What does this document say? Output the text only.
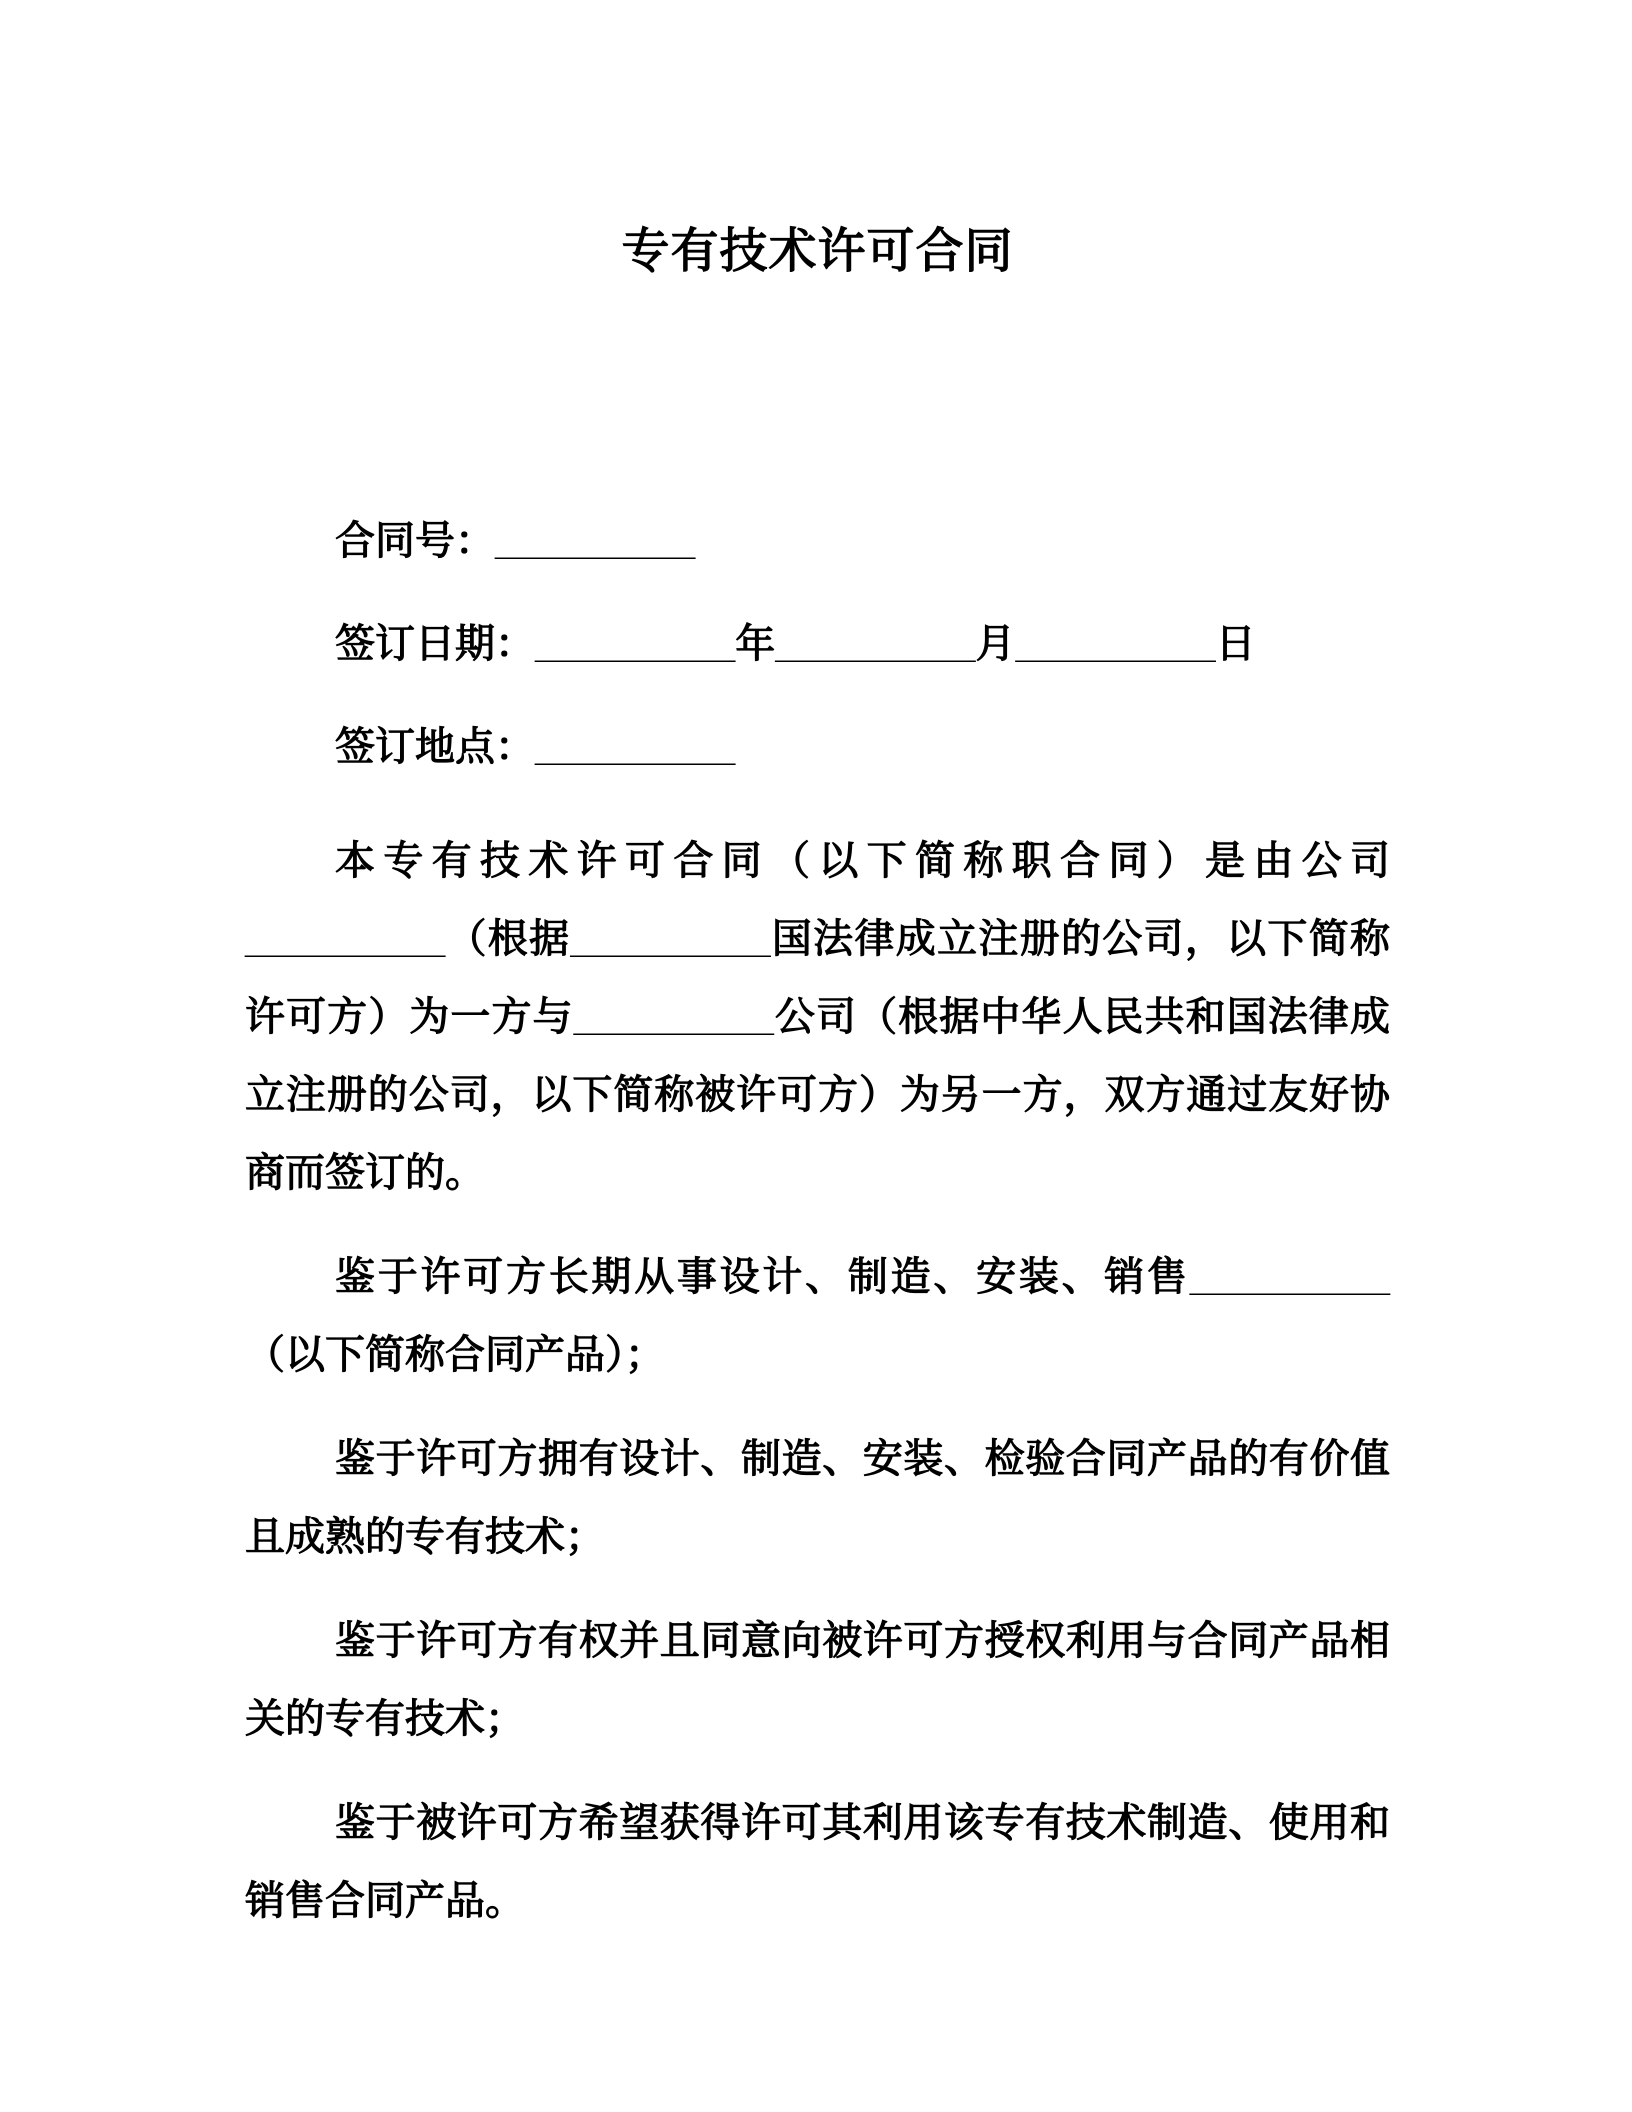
专有技术许可合同

合同号：_________

签订日期：_________年_________月_________日

签订地点：_________

本专有技术许可合同（以下简称职合同）是由公司_________（根据_________国法律成立注册的公司，以下简称许可方）为一方与_________公司（根据中华人民共和国法律成立注册的公司，以下简称被许可方）为另一方，双方通过友好协商而签订的。

鉴于许可方长期从事设计、制造、安装、销售_________ （以下简称合同产品）；

鉴于许可方拥有设计、制造、安装、检验合同产品的有价值且成熟的专有技术；

鉴于许可方有权并且同意向被许可方授权利用与合同产品相关的专有技术；

鉴于被许可方希望获得许可其利用该专有技术制造、使用和销售合同产品。
